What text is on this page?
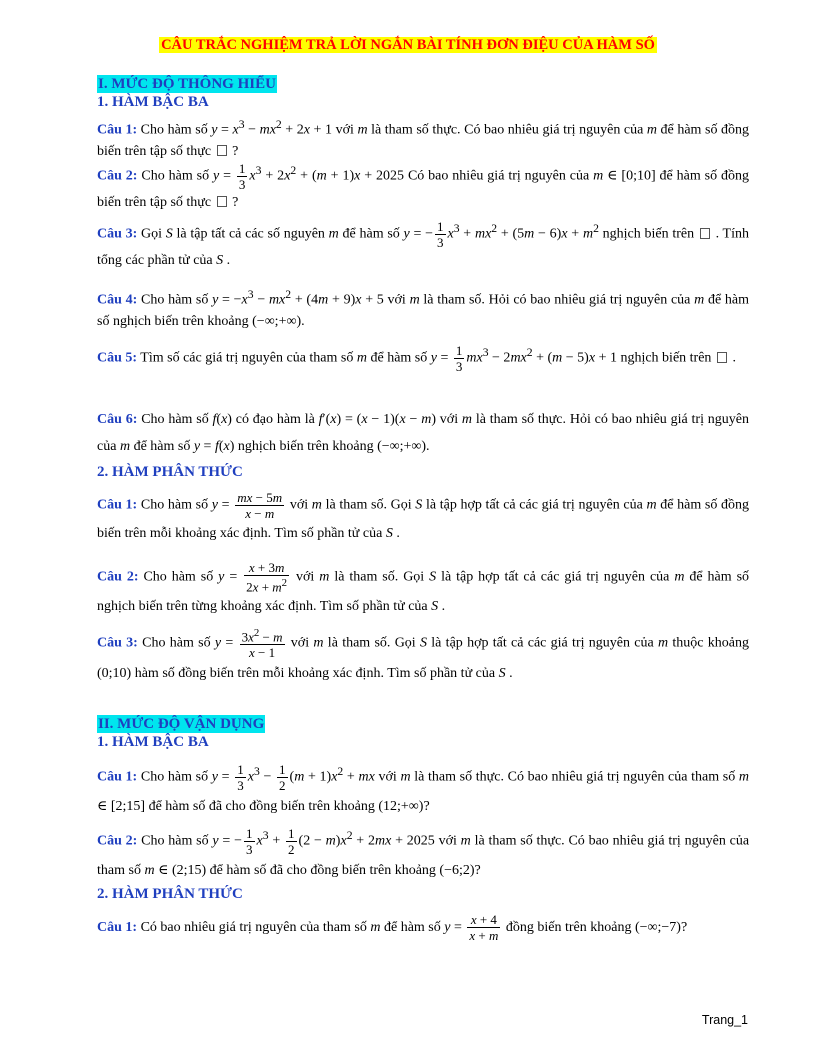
CÂU TRẮC NGHIỆM TRẢ LỜI NGẮN BÀI TÍNH ĐƠN ĐIỆU CỦA HÀM SỐ
I. MỨC ĐỘ THÔNG HIỂU
1. HÀM BẬC BA

Câu 1: Cho hàm số $y = x^3 - mx^2 + 2x + 1$ với m là tham số thực. Có bao nhiêu giá trị nguyên của m để hàm số đồng biến trên tập số thực  ?

Câu 2: Cho hàm số $y = \frac{1}{3} x^3 + 2x^2 + (m + 1)x + 2025$ Có bao nhiêu giá trị nguyên của m ∈ [0;10] để hàm số đồng biến trên tập số thực  ?

Câu 3: Gọi S là tập tất cả các số nguyên m để hàm số y = − $\frac{1}{3} x^3 + mx^2 + (5m - 6)x + m^2$ nghịch biến trên  . Tính tổng các phần tử của S .

Câu 4: Cho hàm số $y = -x^3 - mx^2 + (4m + 9)x + 5$ với m là tham số. Hỏi có bao nhiêu giá trị nguyên của m để hàm số nghịch biến trên khoảng (−∞;+∞).

Câu 5: Tìm số các giá trị nguyên của tham số m để hàm số $y = \frac{1}{3} mx^3 - 2mx^2 + (m - 5)x + 1$ nghịch biến trên  .

Câu 6: Cho hàm số f(x) có đạo hàm là f′(x) = (x − 1)(x − m) với m là tham số thực. Hỏi có bao nhiêu giá trị nguyên của m để hàm số y = f(x) nghịch biến trên khoảng (−∞;+∞).

2. HÀM PHÂN THỨC

Câu 1: Cho hàm số $y = \frac{mx - 5m}{x - m}$ với m là tham số. Gọi S là tập hợp tất cả các giá trị nguyên của m để hàm số đồng biến trên mỗi khoảng xác định. Tìm số phần tử của S .

Câu 2: Cho hàm số $y = \frac{x + 3m}{2x + m^2}$ với m là tham số. Gọi S là tập hợp tất cả các giá trị nguyên của m để hàm số nghịch biến trên từng khoảng xác định. Tìm số phần tử của S .

Câu 3: Cho hàm số $y = \frac{3x^2 - m}{x - 1}$ với m là tham số. Gọi S là tập hợp tất cả các giá trị nguyên của m thuộc khoảng (0;10) hàm số đồng biến trên mỗi khoảng xác định. Tìm số phần tử của S .

II. MỨC ĐỘ VẬN DỤNG
1. HÀM BẬC BA

Câu 1: Cho hàm số $y = \frac{1}{3} x^3 - \frac{1}{2} (m + 1)x^2$ + mx với m là tham số thực. Có bao nhiêu giá trị nguyên của tham số m ∈ [2;15] để hàm số đã cho đồng biến trên khoảng (12;+∞)?

Câu 2: Cho hàm số y = − $\frac{1}{3} x^3 + \frac{1}{2} (2 - m)x^2 + 2mx + 2025$ với m là tham số thực. Có bao nhiêu giá trị nguyên của tham số m ∈ (2;15) để hàm số đã cho đồng biến trên khoảng (−6;2)?

2. HÀM PHÂN THỨC

Câu 1: Có bao nhiêu giá trị nguyên của tham số m để hàm số $y = \frac{x + 4}{x + m}$ đồng biến trên khoảng (−∞;−7)?

Trang_1
